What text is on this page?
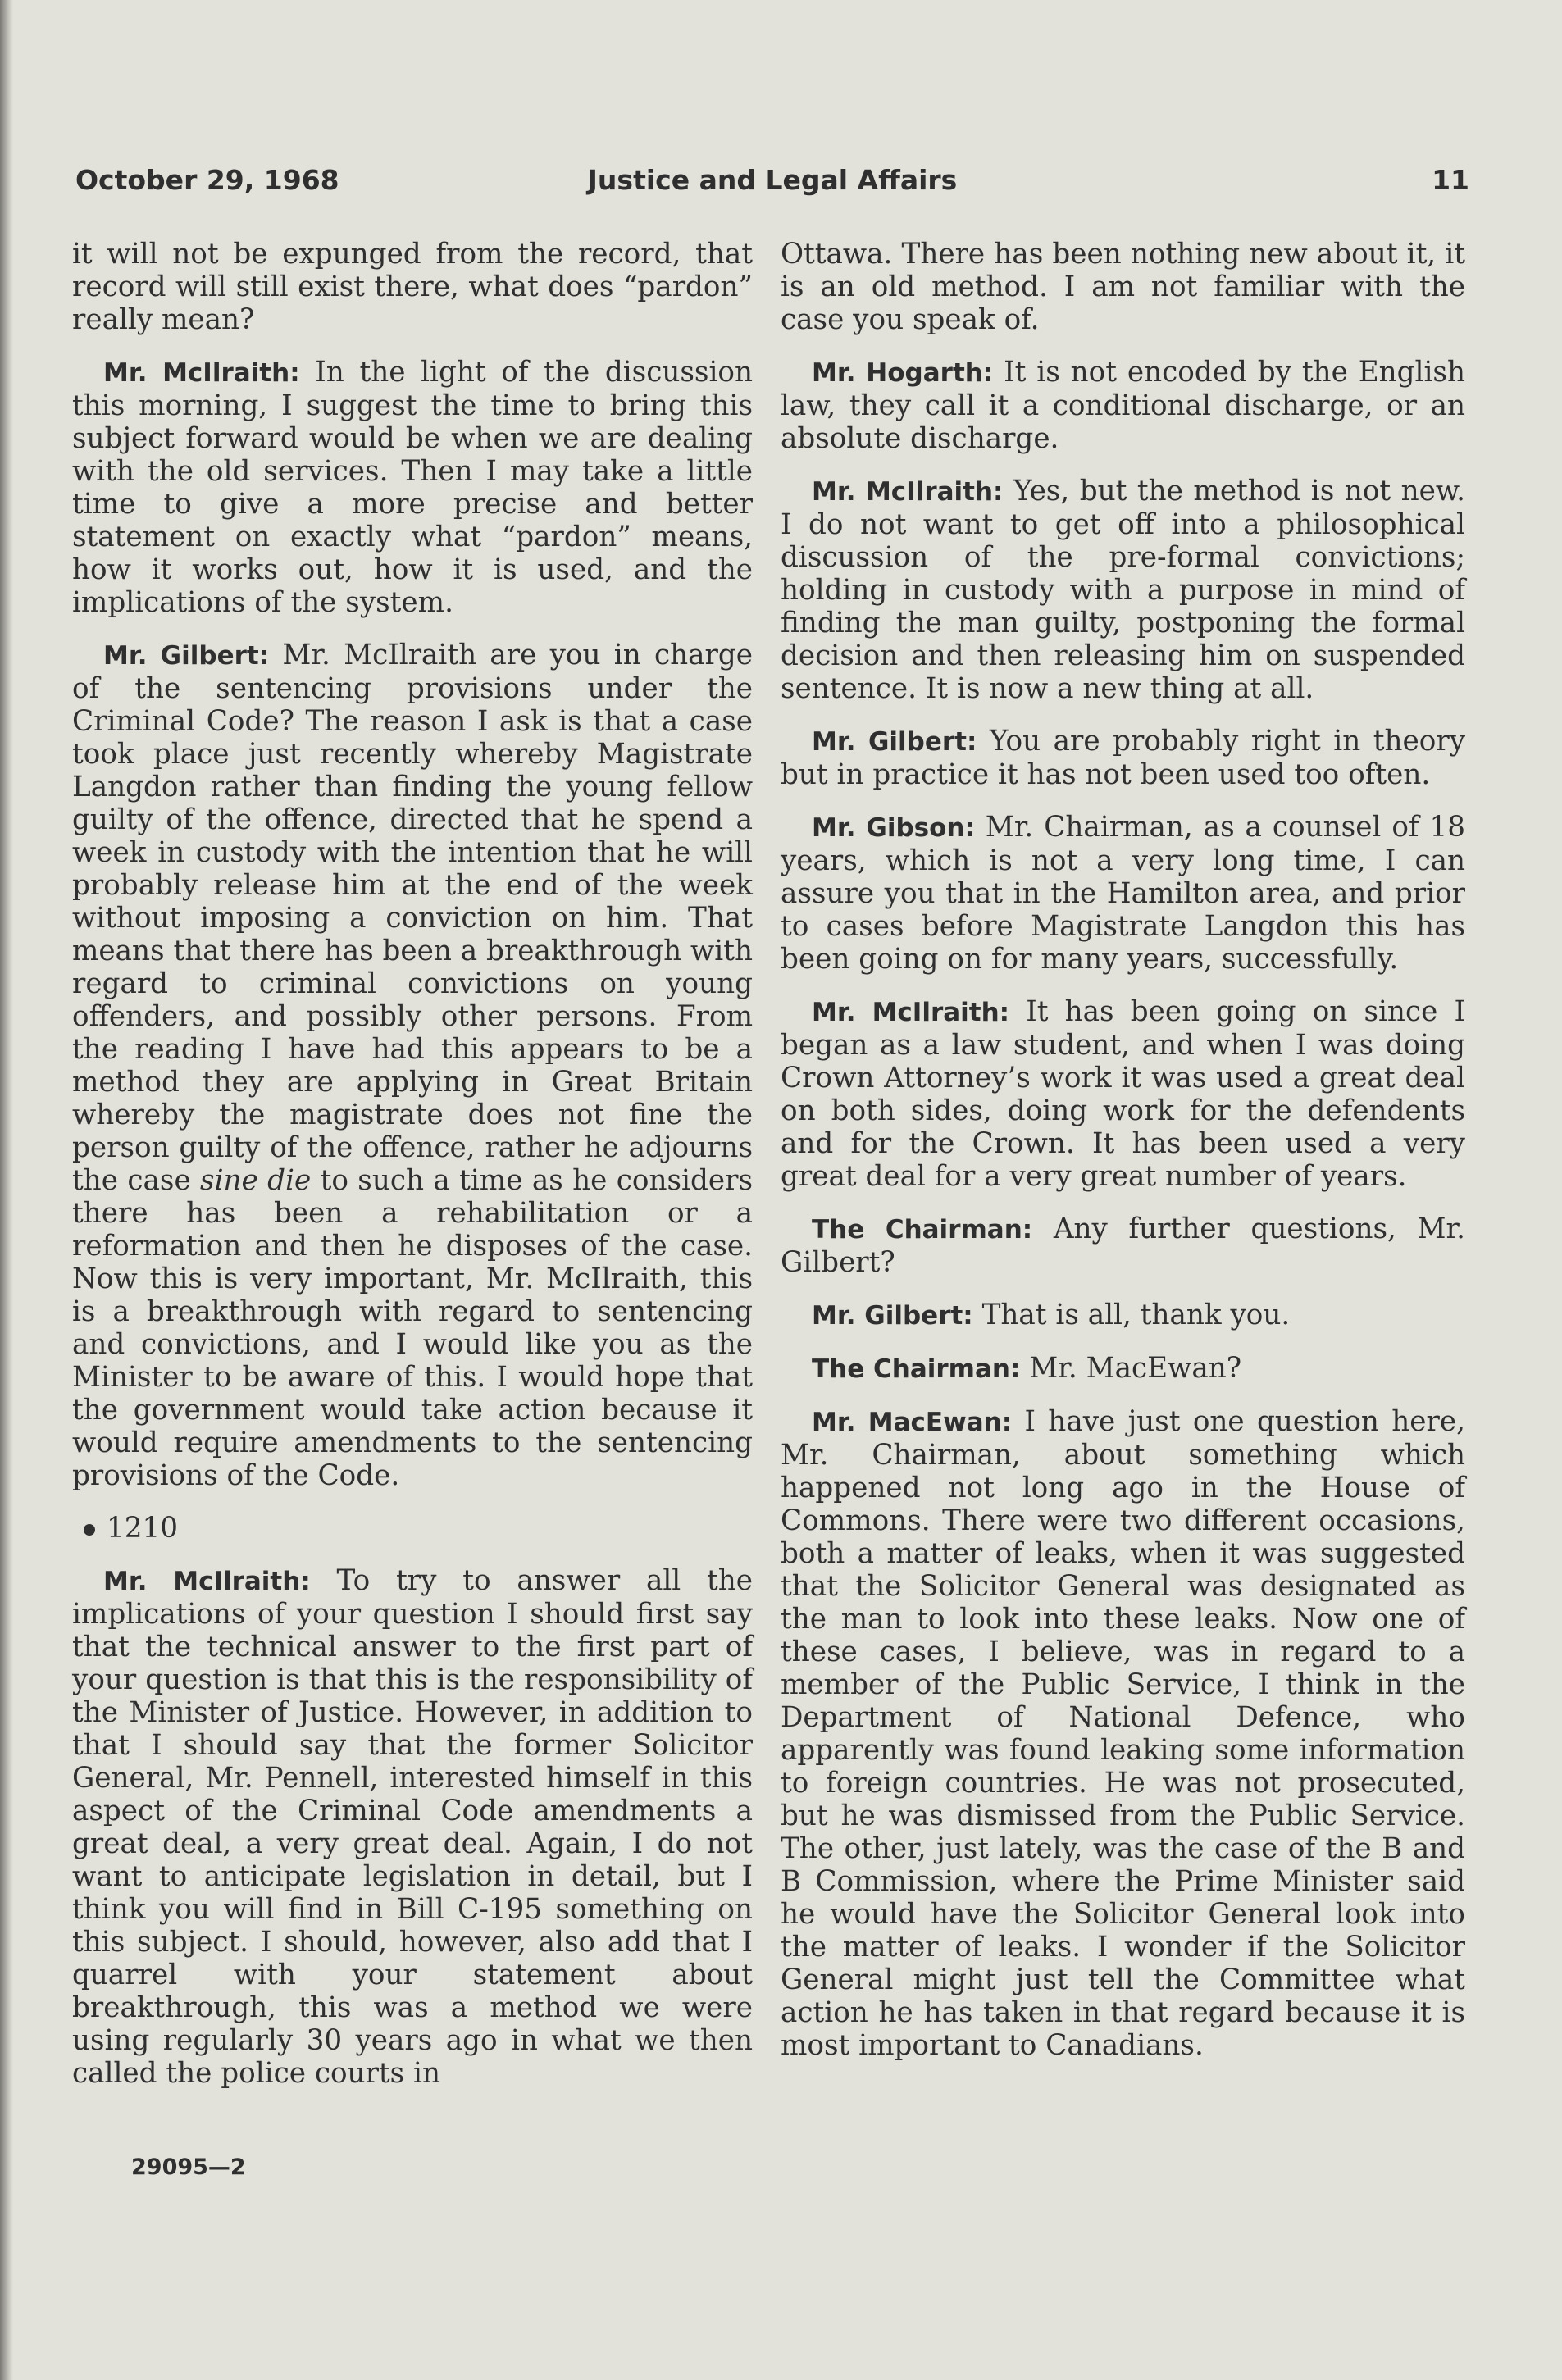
October 29, 1968	Justice and Legal Affairs	11

it will not be expunged from the record, that record will still exist there, what does “pardon” really mean?

Mr. McIlraith: In the light of the discussion this morning, I suggest the time to bring this subject forward would be when we are dealing with the old services. Then I may take a little time to give a more precise and better statement on exactly what “pardon” means, how it works out, how it is used, and the implications of the system.

Mr. Gilbert: Mr. McIlraith are you in charge of the sentencing provisions under the Criminal Code? The reason I ask is that a case took place just recently whereby Magistrate Langdon rather than finding the young fellow guilty of the offence, directed that he spend a week in custody with the intention that he will probably release him at the end of the week without imposing a conviction on him. That means that there has been a breakthrough with regard to criminal convictions on young offenders, and possibly other persons. From the reading I have had this appears to be a method they are applying in Great Britain whereby the magistrate does not fine the person guilty of the offence, rather he adjourns the case sine die to such a time as he considers there has been a rehabilitation or a reformation and then he disposes of the case. Now this is very important, Mr. McIlraith, this is a breakthrough with regard to sentencing and convictions, and I would like you as the Minister to be aware of this. I would hope that the government would take action because it would require amendments to the sentencing provisions of the Code.

1210

Mr. McIlraith: To try to answer all the implications of your question I should first say that the technical answer to the first part of your question is that this is the responsibility of the Minister of Justice. However, in addition to that I should say that the former Solicitor General, Mr. Pennell, interested himself in this aspect of the Criminal Code amendments a great deal, a very great deal. Again, I do not want to anticipate legislation in detail, but I think you will find in Bill C-195 something on this subject. I should, however, also add that I quarrel with your statement about breakthrough, this was a method we were using regularly 30 years ago in what we then called the police courts in

29095—2

Ottawa. There has been nothing new about it, it is an old method. I am not familiar with the case you speak of.

Mr. Hogarth: It is not encoded by the English law, they call it a conditional discharge, or an absolute discharge.

Mr. McIlraith: Yes, but the method is not new. I do not want to get off into a philosophical discussion of the pre-formal convictions; holding in custody with a purpose in mind of finding the man guilty, postponing the formal decision and then releasing him on suspended sentence. It is now a new thing at all.

Mr. Gilbert: You are probably right in theory but in practice it has not been used too often.

Mr. Gibson: Mr. Chairman, as a counsel of 18 years, which is not a very long time, I can assure you that in the Hamilton area, and prior to cases before Magistrate Langdon this has been going on for many years, successfully.

Mr. McIlraith: It has been going on since I began as a law student, and when I was doing Crown Attorney’s work it was used a great deal on both sides, doing work for the defendents and for the Crown. It has been used a very great deal for a very great number of years.

The Chairman: Any further questions, Mr. Gilbert?

Mr. Gilbert: That is all, thank you.

The Chairman: Mr. MacEwan?

Mr. MacEwan: I have just one question here, Mr. Chairman, about something which happened not long ago in the House of Commons. There were two different occasions, both a matter of leaks, when it was suggested that the Solicitor General was designated as the man to look into these leaks. Now one of these cases, I believe, was in regard to a member of the Public Service, I think in the Department of National Defence, who apparently was found leaking some information to foreign countries. He was not prosecuted, but he was dismissed from the Public Service. The other, just lately, was the case of the B and B Commission, where the Prime Minister said he would have the Solicitor General look into the matter of leaks. I wonder if the Solicitor General might just tell the Committee what action he has taken in that regard because it is most important to Canadians.
